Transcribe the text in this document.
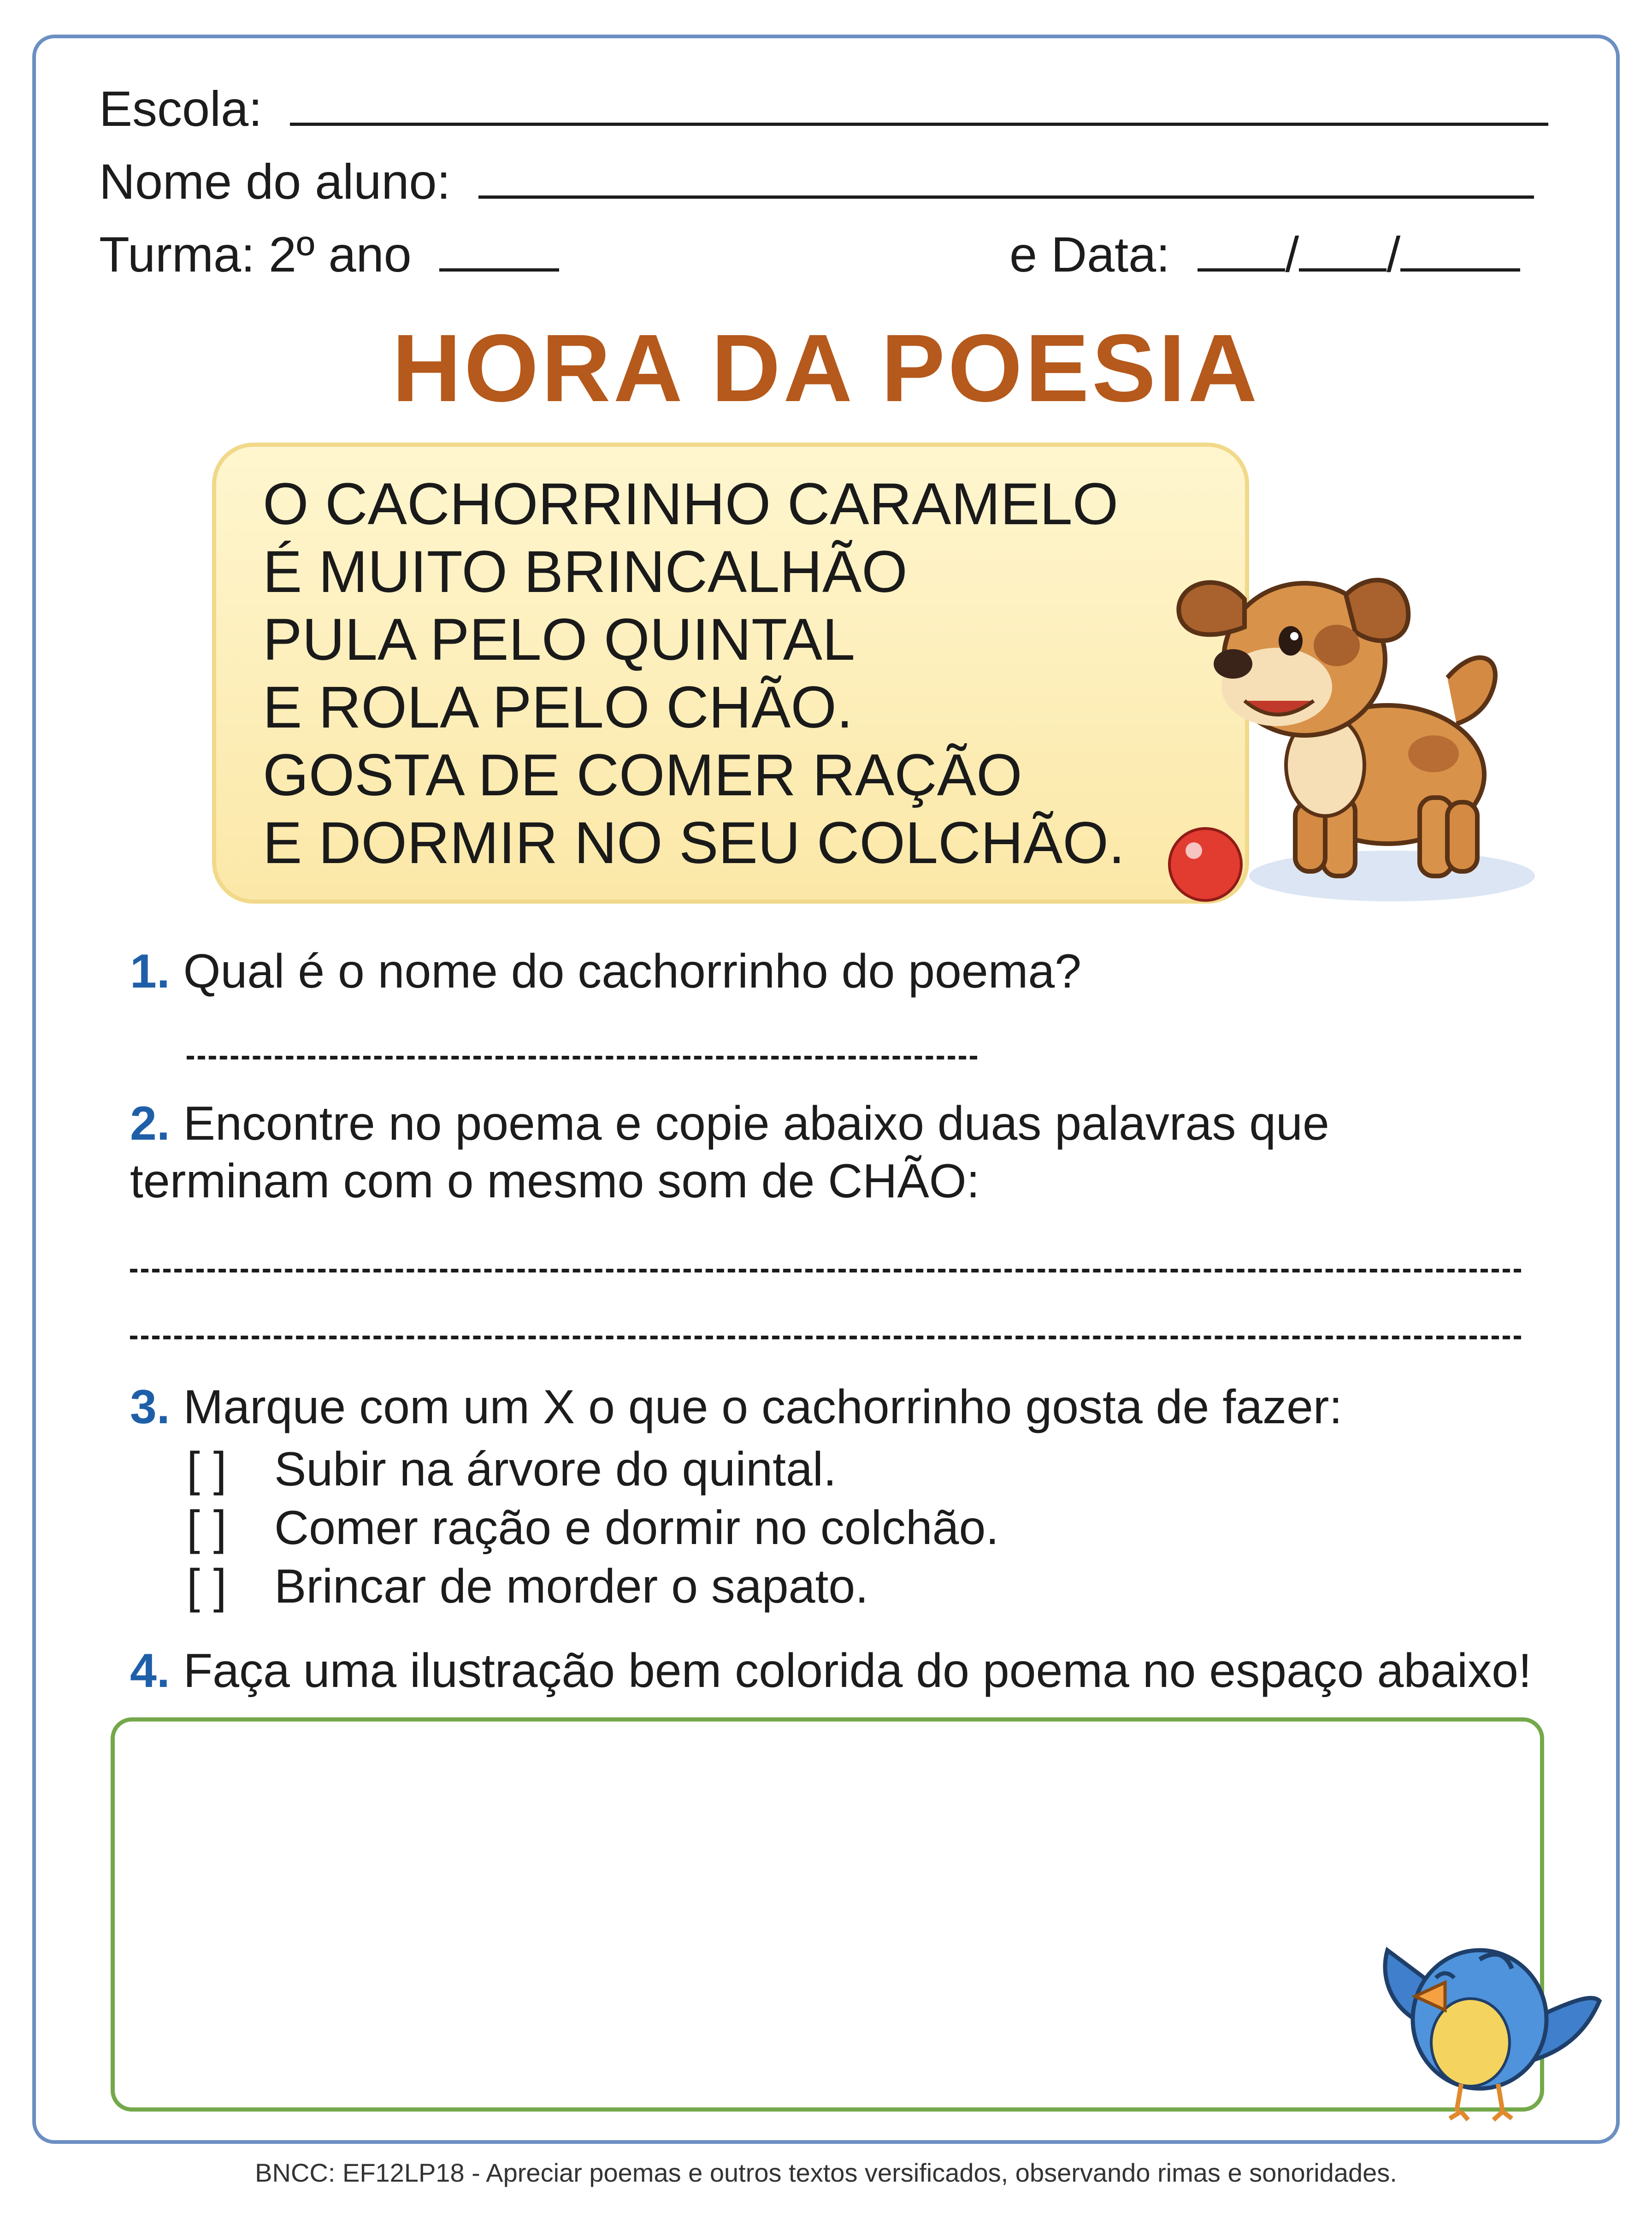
Escola:
Nome do aluno:
Turma: 2º ano	e Data: / /
HORA DA POESIA
O CACHORRINHO CARAMELO
É MUITO BRINCALHÃO
PULA PELO QUINTAL
E ROLA PELO CHÃO.
GOSTA DE COMER RAÇÃO
E DORMIR NO SEU COLCHÃO.
1. Qual é o nome do cachorrinho do poema?
2. Encontre no poema e copie abaixo duas palavras que
terminam com o mesmo som de CHÃO:
3. Marque com um X o que o cachorrinho gosta de fazer:
[ ] Subir na árvore do quintal.
[ ] Comer ração e dormir no colchão.
[ ] Brincar de morder o sapato.
4. Faça uma ilustração bem colorida do poema no espaço abaixo!
BNCC: EF12LP18 - Apreciar poemas e outros textos versificados, observando rimas e sonoridades.
